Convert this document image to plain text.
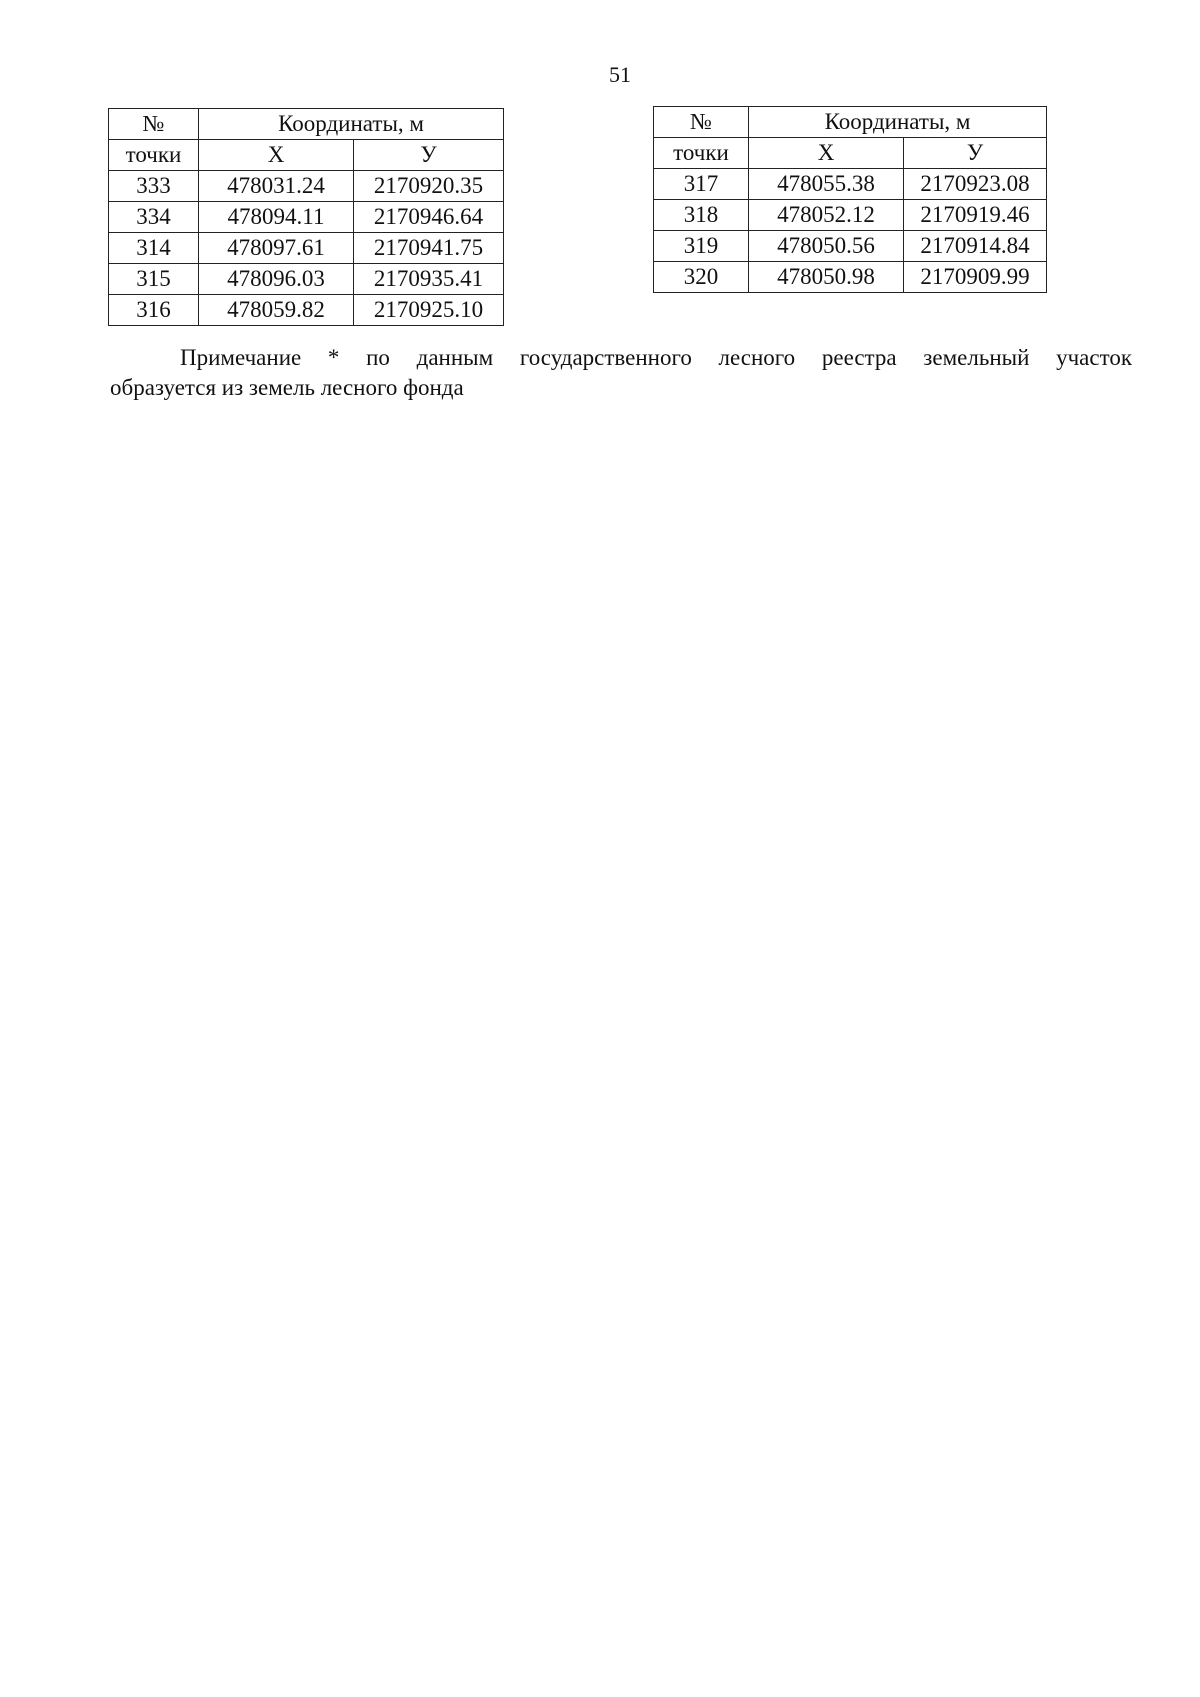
51
№	Координаты, м	
точки	X	У
333	478031.24	2170920.35
334	478094.11	2170946.64
314	478097.61	2170941.75
315	478096.03	2170935.41
316	478059.82	2170925.10
№	Координаты, м	
точки	X	У
317	478055.38	2170923.08
318	478052.12	2170919.46
319	478050.56	2170914.84
320	478050.98	2170909.99
Примечание * по данным государственного лесного реестра земельный участок
образуется из земель лесного фонда
